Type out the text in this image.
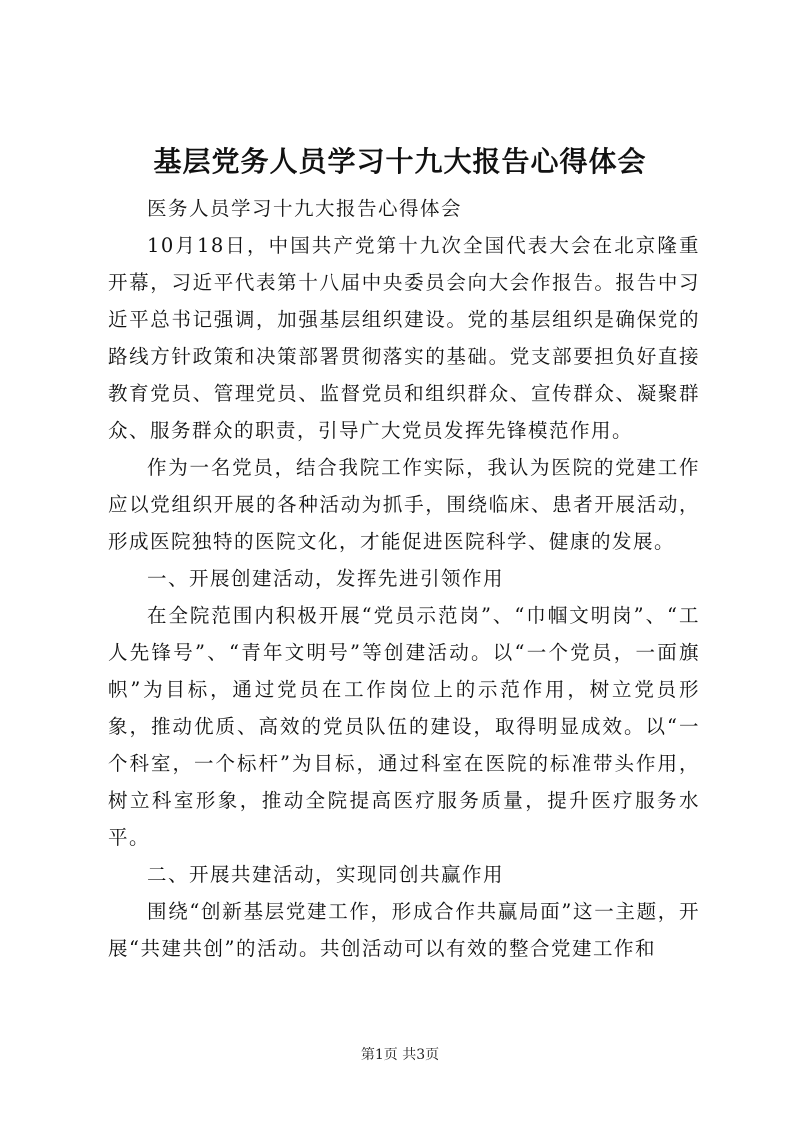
基层党务人员学习十九大报告心得体会

医务人员学习十九大报告心得体会

10月18日，中国共产党第十九次全国代表大会在北京隆重开幕，习近平代表第十八届中央委员会向大会作报告。报告中习近平总书记强调，加强基层组织建设。党的基层组织是确保党的路线方针政策和决策部署贯彻落实的基础。党支部要担负好直接教育党员、管理党员、监督党员和组织群众、宣传群众、凝聚群众、服务群众的职责，引导广大党员发挥先锋模范作用。

作为一名党员，结合我院工作实际，我认为医院的党建工作应以党组织开展的各种活动为抓手，围绕临床、患者开展活动，形成医院独特的医院文化，才能促进医院科学、健康的发展。

一、开展创建活动，发挥先进引领作用

在全院范围内积极开展“党员示范岗”、“巾帼文明岗”、“工人先锋号”、“青年文明号”等创建活动。以“一个党员，一面旗帜”为目标，通过党员在工作岗位上的示范作用，树立党员形象，推动优质、高效的党员队伍的建设，取得明显成效。以“一个科室，一个标杆”为目标，通过科室在医院的标准带头作用，树立科室形象，推动全院提高医疗服务质量，提升医疗服务水平。

二、开展共建活动，实现同创共赢作用

围绕“创新基层党建工作，形成合作共赢局面”这一主题，开展“共建共创”的活动。共创活动可以有效的整合党建工作和

第1页 共3页
